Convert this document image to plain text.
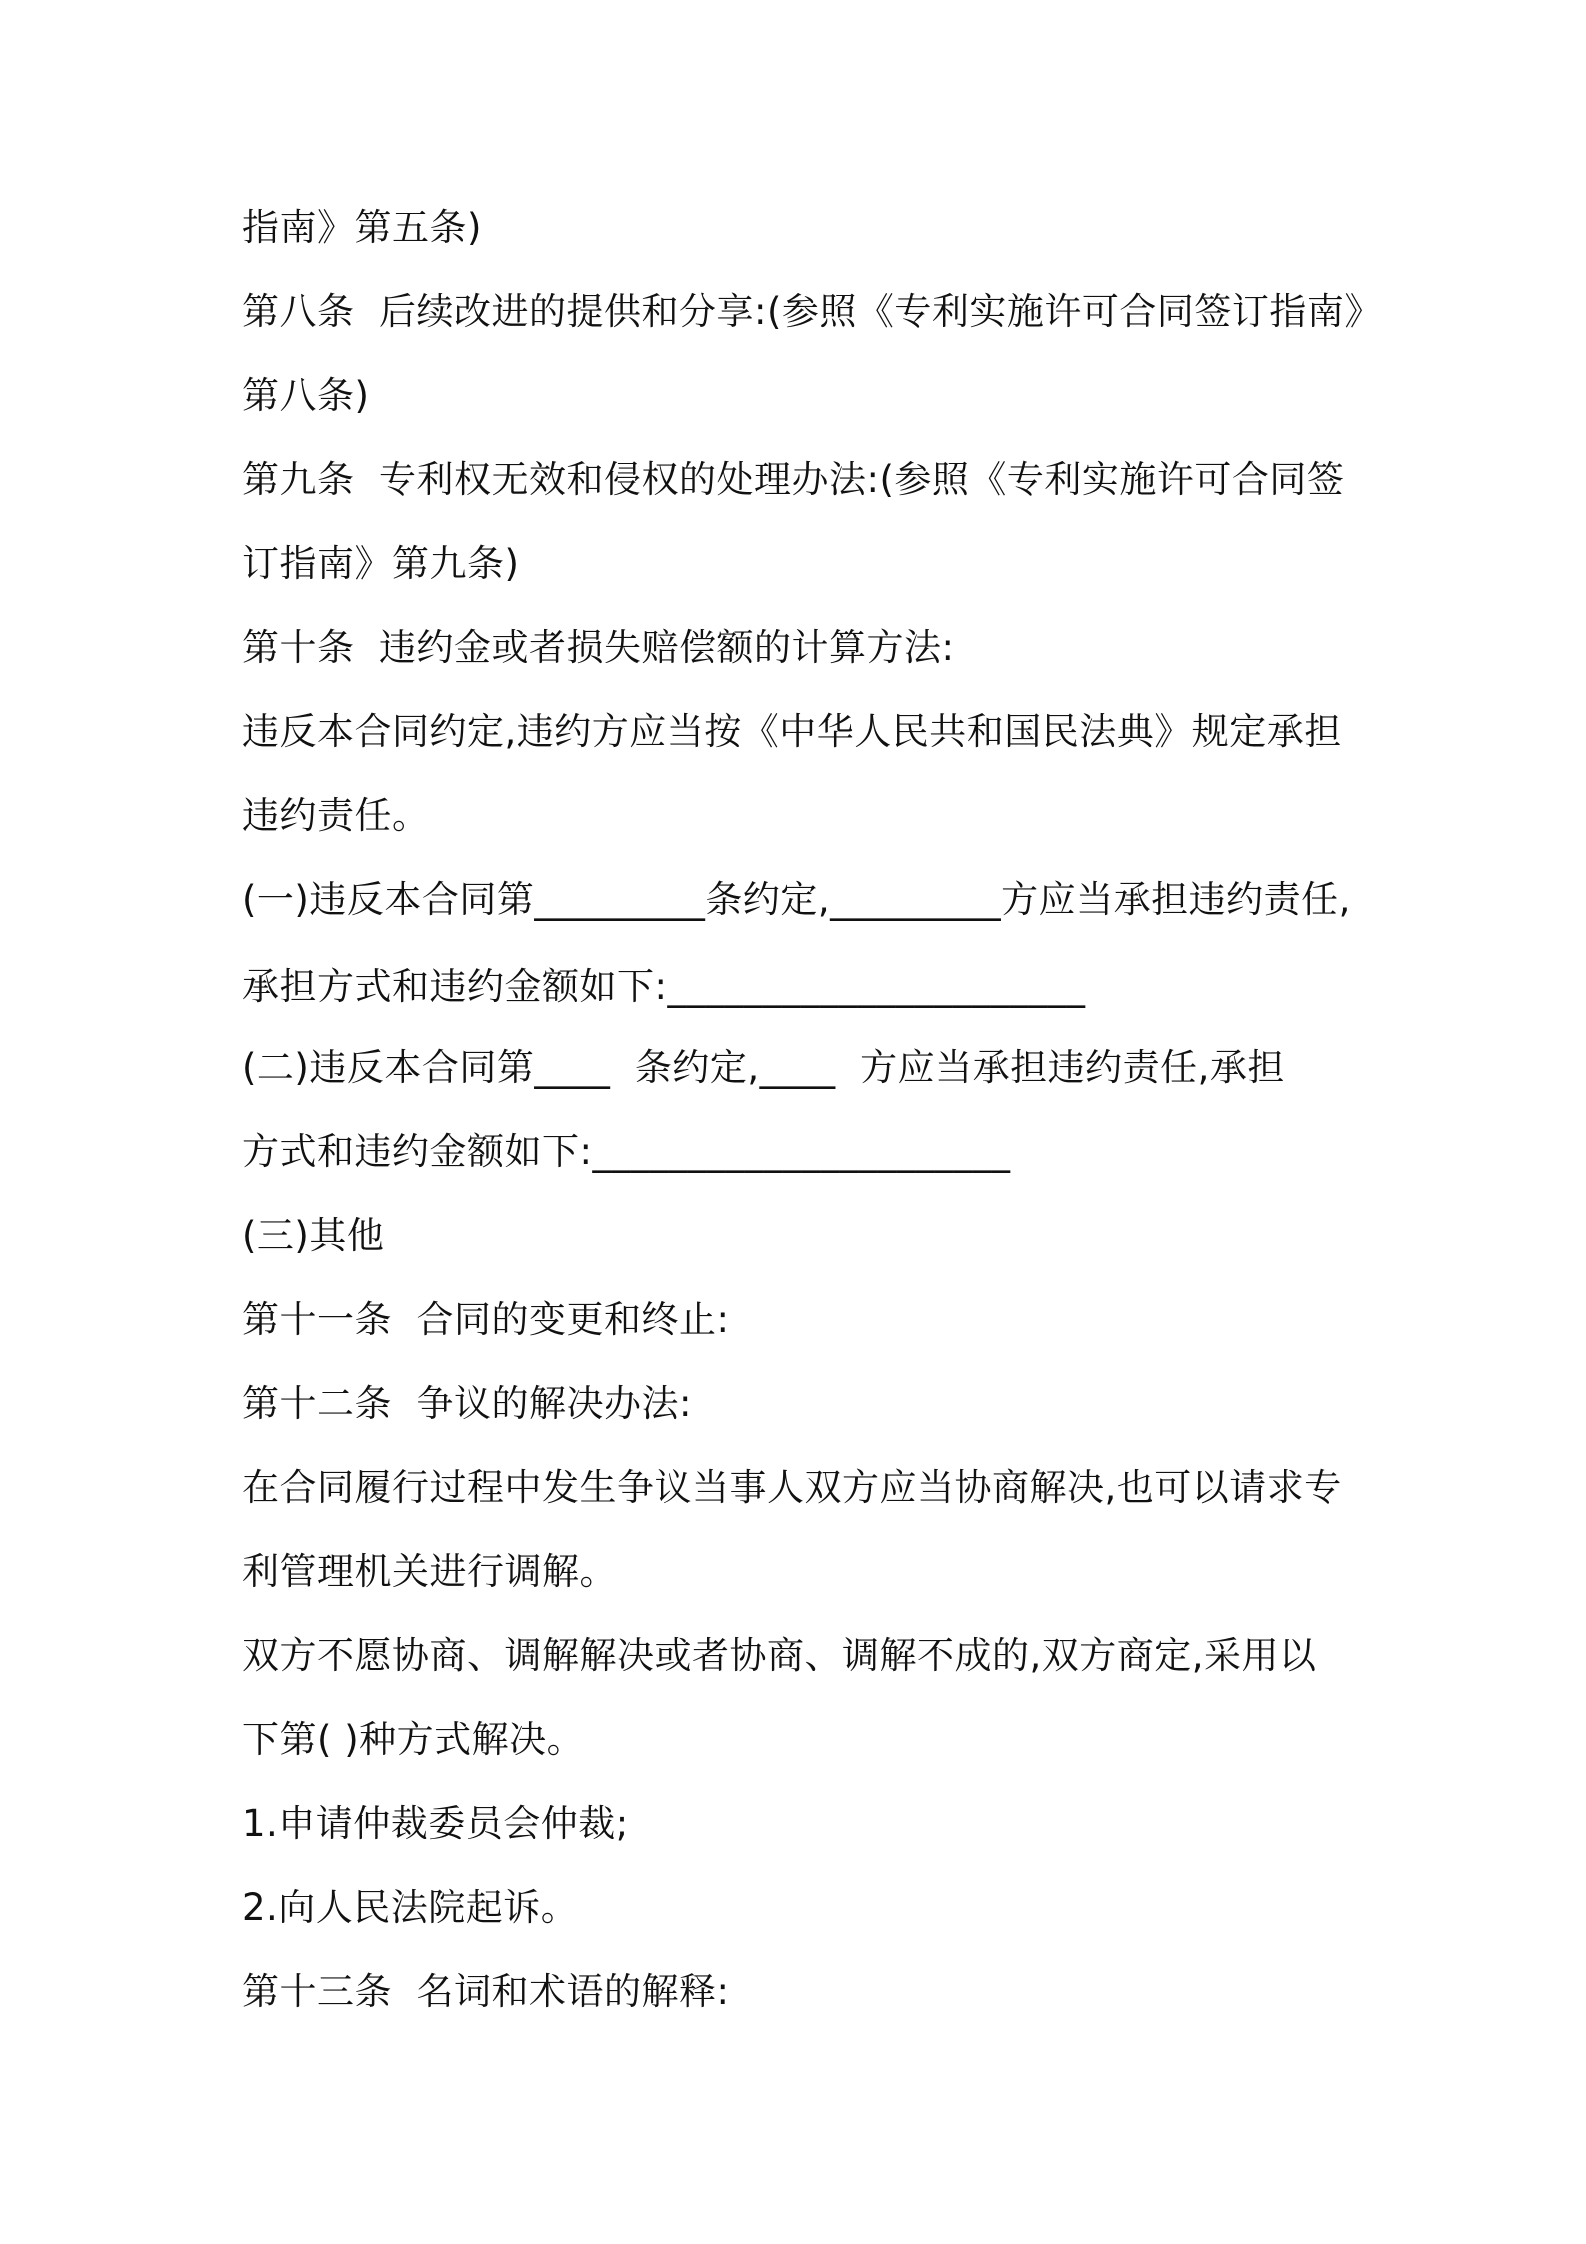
指南》第五条)
第八条  后续改进的提供和分享:(参照《专利实施许可合同签订指南》
第八条)
第九条  专利权无效和侵权的处理办法:(参照《专利实施许可合同签
订指南》第九条)
第十条  违约金或者损失赔偿额的计算方法:
违反本合同约定,违约方应当按《中华人民共和国民法典》规定承担
违约责任。
(一)违反本合同第_________条约定,_________方应当承担违约责任,
承担方式和违约金额如下:______________________
(二)违反本合同第____  条约定,____  方应当承担违约责任,承担
方式和违约金额如下:______________________
(三)其他
第十一条  合同的变更和终止:
第十二条  争议的解决办法:
在合同履行过程中发生争议当事人双方应当协商解决,也可以请求专
利管理机关进行调解。
双方不愿协商、调解解决或者协商、调解不成的,双方商定,采用以
下第( )种方式解决。
1.申请仲裁委员会仲裁;
2.向人民法院起诉。
第十三条  名词和术语的解释:
